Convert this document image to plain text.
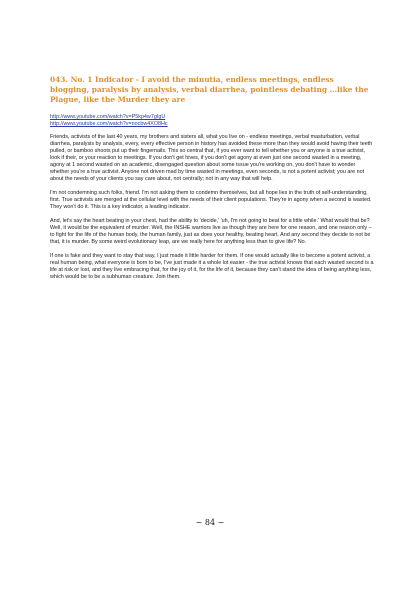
043. No. 1 Indicator - I avoid the minutia, endless meetings, endless blogging, paralysis by analysis, verbal diarrhea, pointless debating …like the Plague, like the Murder they are
http://www.youtube.com/watch?v=P5kp4w7gIgU
http://www.youtube.com/watch?v=nocbw4XO8Hc

Friends, activists of the last 40 years, my brothers and sisters all, what you live on - endless meetings, verbal masturbation, verbal diarrhea, paralysis by analysis, every, every effective person in history has avoided these more than they would avoid having their teeth pulled, or bamboo shoots put up their fingernails. This so central that, if you ever want to tell whether you or anyone is a true activist, look if their, or your reaction to meetings. If you don't get hives, if you don't get agony at even just one second wasted in a meeting, agony at 1 second wasted on an academic, disengaged question about some issue you're working on, you don't have to wonder whether you're a true activist. Anyone not driven mad by time wasted in meetings, even seconds, is not a potent activist; you are not about the needs of your clients you say care about, not centrally; not in any way that will help.

I'm not condemning such folks, friend. I'm not asking them to condemn themselves, but all hope lies in the truth of self-understanding, first. True activists are merged at the cellular level with the needs of their client populations. They're in agony when a second is wasted. They won't do it. This is a key indicator, a leading indicator.

And, let's say the heart beating in your chest, had the ability to 'decide,' 'uh, I'm not going to beat for a little while.' What would that be? Well, it would be the equivalent of murder. Well, the INSHE warriors live as though they are here for one reason, and one reason only – to fight for the life of the human body, the human family, just as does your healthy, beating heart. And any second they decide to not be that, it is murder. By some weird evolutionary leap, are we really here for anything less than to give life? No.

If one is fake and they want to stay that way, I just made it little harder for them. If one would actually like to become a potent activist, a real human being, what everyone is born to be, I've just made it a whole lot easier - the true activist knows that each wasted second is a life at risk or lost, and they live embracing that, for the joy of it, for the life of it, because they can't stand the idea of being anything less, which would be to be a subhuman creature. Join them.

~ 84 ~
